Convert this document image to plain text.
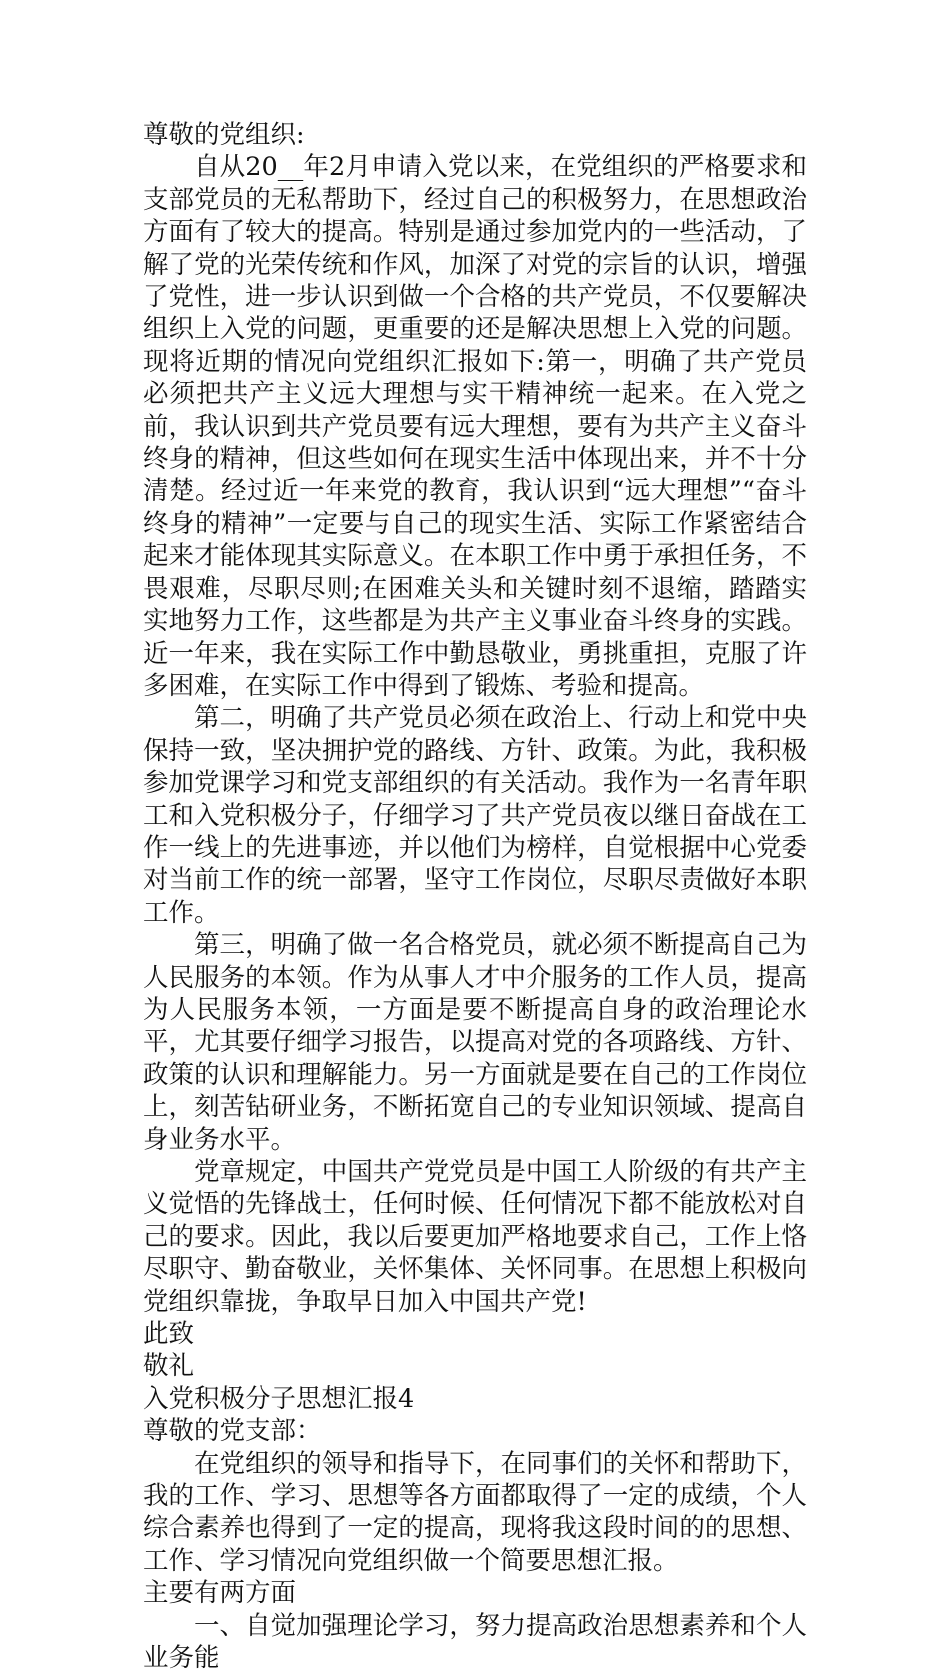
尊敬的党组织:

自从20__年2月申请入党以来，在党组织的严格要求和支部党员的无私帮助下，经过自己的积极努力，在思想政治方面有了较大的提高。特别是通过参加党内的一些活动，了解了党的光荣传统和作风，加深了对党的宗旨的认识，增强了党性，进一步认识到做一个合格的共产党员，不仅要解决组织上入党的问题，更重要的还是解决思想上入党的问题。现将近期的情况向党组织汇报如下:第一，明确了共产党员必须把共产主义远大理想与实干精神统一起来。在入党之前，我认识到共产党员要有远大理想，要有为共产主义奋斗终身的精神，但这些如何在现实生活中体现出来，并不十分清楚。经过近一年来党的教育，我认识到“远大理想”“奋斗终身的精神”一定要与自己的现实生活、实际工作紧密结合起来才能体现其实际意义。在本职工作中勇于承担任务，不畏艰难，尽职尽则;在困难关头和关键时刻不退缩，踏踏实实地努力工作，这些都是为共产主义事业奋斗终身的实践。近一年来，我在实际工作中勤恳敬业，勇挑重担，克服了许多困难，在实际工作中得到了锻炼、考验和提高。

第二，明确了共产党员必须在政治上、行动上和党中央保持一致，坚决拥护党的路线、方针、政策。为此，我积极参加党课学习和党支部组织的有关活动。我作为一名青年职工和入党积极分子，仔细学习了共产党员夜以继日奋战在工作一线上的先进事迹，并以他们为榜样，自觉根据中心党委对当前工作的统一部署，坚守工作岗位，尽职尽责做好本职工作。

第三，明确了做一名合格党员，就必须不断提高自己为人民服务的本领。作为从事人才中介服务的工作人员，提高为人民服务本领，一方面是要不断提高自身的政治理论水平，尤其要仔细学习报告，以提高对党的各项路线、方针、政策的认识和理解能力。另一方面就是要在自己的工作岗位上，刻苦钻研业务，不断拓宽自己的专业知识领域、提高自身业务水平。

党章规定，中国共产党党员是中国工人阶级的有共产主义觉悟的先锋战士，任何时候、任何情况下都不能放松对自己的要求。因此，我以后要更加严格地要求自己，工作上恪尽职守、勤奋敬业，关怀集体、关怀同事。在思想上积极向党组织靠拢，争取早日加入中国共产党!

此致

敬礼

入党积极分子思想汇报4

尊敬的党支部：

在党组织的领导和指导下，在同事们的关怀和帮助下，我的工作、学习、思想等各方面都取得了一定的成绩，个人综合素养也得到了一定的提高，现将我这段时间的的思想、工作、学习情况向党组织做一个简要思想汇报。

主要有两方面

一、自觉加强理论学习，努力提高政治思想素养和个人业务能
